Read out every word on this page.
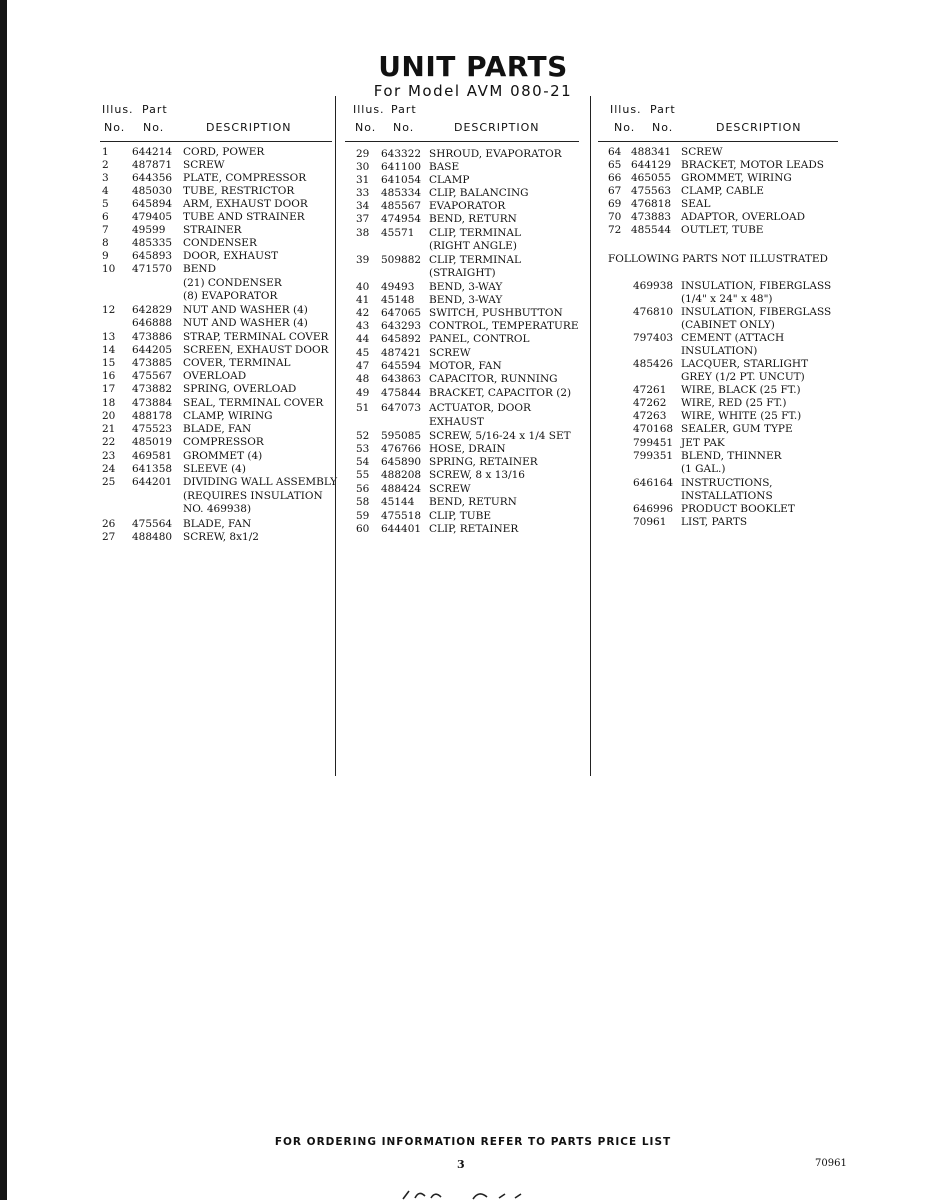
UNIT PARTS
For Model AVM 080-21
Illus. Part
No. No.	DESCRIPTION
1 644214 CORD, POWER
2 487871 SCREW
3 644356 PLATE, COMPRESSOR
4 485030 TUBE, RESTRICTOR
5 645894 ARM, EXHAUST DOOR
6 479405 TUBE AND STRAINER
7 49599 STRAINER
8 485335 CONDENSER
9 645893 DOOR, EXHAUST
10 471570 BEND
(21) CONDENSER
(8) EVAPORATOR
12 642829 NUT AND WASHER (4)
646888 NUT AND WASHER (4)
13 473886 STRAP, TERMINAL COVER
14 644205 SCREEN, EXHAUST DOOR
15 473885 COVER, TERMINAL
16 475567 OVERLOAD
17 473882 SPRING, OVERLOAD
18 473884 SEAL, TERMINAL COVER
20 488178 CLAMP, WIRING
21 475523 BLADE, FAN
22 485019 COMPRESSOR
23 469581 GROMMET (4)
24 641358 SLEEVE (4)
25 644201 DIVIDING WALL ASSEMBLY
(REQUIRES INSULATION
NO. 469938)
26 475564 BLADE, FAN
27 488480 SCREW, 8x1/2
Illus. Part
No. No.	DESCRIPTION
29 643322 SHROUD, EVAPORATOR
30 641100 BASE
31 641054 CLAMP
33 485334 CLIP, BALANCING
34 485567 EVAPORATOR
37 474954 BEND, RETURN
38 45571 CLIP, TERMINAL
(RIGHT ANGLE)
39 509882 CLIP, TERMINAL
(STRAIGHT)
40 49493 BEND, 3-WAY
41 45148 BEND, 3-WAY
42 647065 SWITCH, PUSHBUTTON
43 643293 CONTROL, TEMPERATURE
44 645892 PANEL, CONTROL
45 487421 SCREW
47 645594 MOTOR, FAN
48 643863 CAPACITOR, RUNNING
49 475844 BRACKET, CAPACITOR (2)
51 647073 ACTUATOR, DOOR
EXHAUST
52 595085 SCREW, 5/16-24 x 1/4 SET
53 476766 HOSE, DRAIN
54 645890 SPRING, RETAINER
55 488208 SCREW, 8 x 13/16
56 488424 SCREW
58 45144 BEND, RETURN
59 475518 CLIP, TUBE
60 644401 CLIP, RETAINER
Illus. Part
No. No.	DESCRIPTION
64 488341 SCREW
65 644129 BRACKET, MOTOR LEADS
66 465055 GROMMET, WIRING
67 475563 CLAMP, CABLE
69 476818 SEAL
70 473883 ADAPTOR, OVERLOAD
72 485544 OUTLET, TUBE
FOLLOWING PARTS NOT ILLUSTRATED
469938 INSULATION, FIBERGLASS
(1/4" x 24" x 48")
476810 INSULATION, FIBERGLASS
(CABINET ONLY)
797403 CEMENT (ATTACH
INSULATION)
485426 LACQUER, STARLIGHT
GREY (1/2 PT. UNCUT)
47261 WIRE, BLACK (25 FT.)
47262 WIRE, RED (25 FT.)
47263 WIRE, WHITE (25 FT.)
470168 SEALER, GUM TYPE
799451 JET PAK
799351 BLEND, THINNER
(1 GAL.)
646164 INSTRUCTIONS,
INSTALLATIONS
646996 PRODUCT BOOKLET
70961 LIST, PARTS
FOR ORDERING INFORMATION REFER TO PARTS PRICE LIST
3	70961
